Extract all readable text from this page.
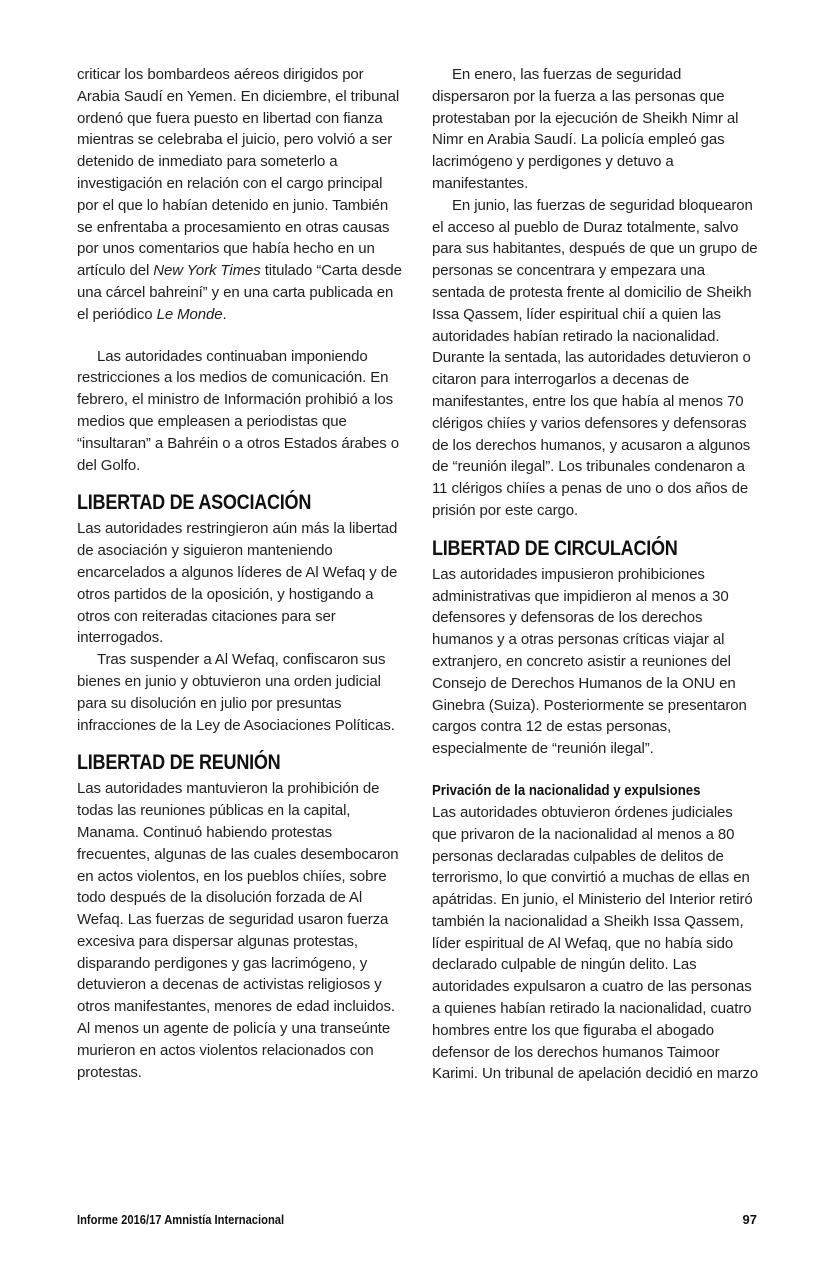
criticar los bombardeos aéreos dirigidos por Arabia Saudí en Yemen. En diciembre, el tribunal ordenó que fuera puesto en libertad con fianza mientras se celebraba el juicio, pero volvió a ser detenido de inmediato para someterlo a investigación en relación con el cargo principal por el que lo habían detenido en junio. También se enfrentaba a procesamiento en otras causas por unos comentarios que había hecho en un artículo del New York Times titulado “Carta desde una cárcel bahreiní” y en una carta publicada en el periódico Le Monde.

Las autoridades continuaban imponiendo restricciones a los medios de comunicación. En febrero, el ministro de Información prohibió a los medios que empleasen a periodistas que “insultaran” a Bahréin o a otros Estados árabes o del Golfo.

LIBERTAD DE ASOCIACIÓN

Las autoridades restringieron aún más la libertad de asociación y siguieron manteniendo encarcelados a algunos líderes de Al Wefaq y de otros partidos de la oposición, y hostigando a otros con reiteradas citaciones para ser interrogados.

Tras suspender a Al Wefaq, confiscaron sus bienes en junio y obtuvieron una orden judicial para su disolución en julio por presuntas infracciones de la Ley de Asociaciones Políticas.

LIBERTAD DE REUNIÓN

Las autoridades mantuvieron la prohibición de todas las reuniones públicas en la capital, Manama. Continuó habiendo protestas frecuentes, algunas de las cuales desembocaron en actos violentos, en los pueblos chiíes, sobre todo después de la disolución forzada de Al Wefaq. Las fuerzas de seguridad usaron fuerza excesiva para dispersar algunas protestas, disparando perdigones y gas lacrimógeno, y detuvieron a decenas de activistas religiosos y otros manifestantes, menores de edad incluidos. Al menos un agente de policía y una transeúnte murieron en actos violentos relacionados con protestas.

En enero, las fuerzas de seguridad dispersaron por la fuerza a las personas que protestaban por la ejecución de Sheikh Nimr al Nimr en Arabia Saudí. La policía empleó gas lacrimógeno y perdigones y detuvo a manifestantes.

En junio, las fuerzas de seguridad bloquearon el acceso al pueblo de Duraz totalmente, salvo para sus habitantes, después de que un grupo de personas se concentrara y empezara una sentada de protesta frente al domicilio de Sheikh Issa Qassem, líder espiritual chií a quien las autoridades habían retirado la nacionalidad. Durante la sentada, las autoridades detuvieron o citaron para interrogarlos a decenas de manifestantes, entre los que había al menos 70 clérigos chiíes y varios defensores y defensoras de los derechos humanos, y acusaron a algunos de “reunión ilegal”. Los tribunales condenaron a 11 clérigos chiíes a penas de uno o dos años de prisión por este cargo.

LIBERTAD DE CIRCULACIÓN

Las autoridades impusieron prohibiciones administrativas que impidieron al menos a 30 defensores y defensoras de los derechos humanos y a otras personas críticas viajar al extranjero, en concreto asistir a reuniones del Consejo de Derechos Humanos de la ONU en Ginebra (Suiza). Posteriormente se presentaron cargos contra 12 de estas personas, especialmente de “reunión ilegal”.

Privación de la nacionalidad y expulsiones

Las autoridades obtuvieron órdenes judiciales que privaron de la nacionalidad al menos a 80 personas declaradas culpables de delitos de terrorismo, lo que convirtió a muchas de ellas en apátridas. En junio, el Ministerio del Interior retiró también la nacionalidad a Sheikh Issa Qassem, líder espiritual de Al Wefaq, que no había sido declarado culpable de ningún delito. Las autoridades expulsaron a cuatro de las personas a quienes habían retirado la nacionalidad, cuatro hombres entre los que figuraba el abogado defensor de los derechos humanos Taimoor Karimi. Un tribunal de apelación decidió en marzo

Informe 2016/17 Amnistía Internacional	97
